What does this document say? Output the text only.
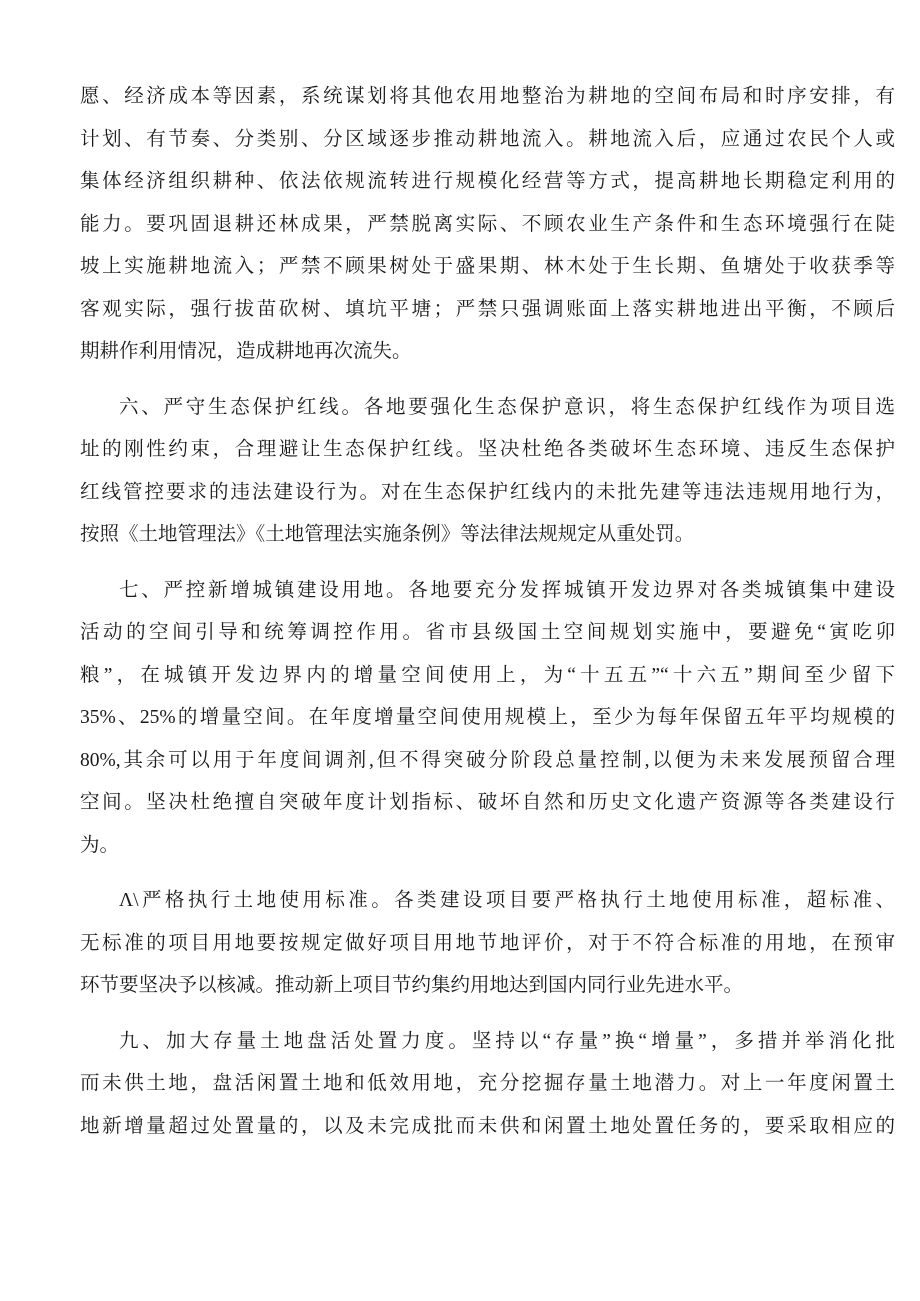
愿、经济成本等因素，系统谋划将其他农用地整治为耕地的空间布局和时序安排，有
计划、有节奏、分类别、分区域逐步推动耕地流入。耕地流入后，应通过农民个人或
集体经济组织耕种、依法依规流转进行规模化经营等方式，提高耕地长期稳定利用的
能力。要巩固退耕还林成果，严禁脱离实际、不顾农业生产条件和生态环境强行在陡
坡上实施耕地流入；严禁不顾果树处于盛果期、林木处于生长期、鱼塘处于收获季等
客观实际，强行拔苗砍树、填坑平塘；严禁只强调账面上落实耕地进出平衡，不顾后
期耕作利用情况，造成耕地再次流失。
六、严守生态保护红线。各地要强化生态保护意识，将生态保护红线作为项目选
址的刚性约束，合理避让生态保护红线。坚决杜绝各类破坏生态环境、违反生态保护
红线管控要求的违法建设行为。对在生态保护红线内的未批先建等违法违规用地行为，
按照《土地管理法》《土地管理法实施条例》等法律法规规定从重处罚。
七、严控新增城镇建设用地。各地要充分发挥城镇开发边界对各类城镇集中建设
活动的空间引导和统筹调控作用。省市县级国土空间规划实施中，要避免“寅吃卯
粮”，在城镇开发边界内的增量空间使用上，为“十五五”“十六五”期间至少留下
35%、25%的增量空间。在年度增量空间使用规模上，至少为每年保留五年平均规模的
80%,其余可以用于年度间调剂,但不得突破分阶段总量控制,以便为未来发展预留合理
空间。坚决杜绝擅自突破年度计划指标、破坏自然和历史文化遗产资源等各类建设行
为。
Λ\严格执行土地使用标准。各类建设项目要严格执行土地使用标准，超标准、
无标准的项目用地要按规定做好项目用地节地评价，对于不符合标准的用地，在预审
环节要坚决予以核减。推动新上项目节约集约用地达到国内同行业先进水平。
九、加大存量土地盘活处置力度。坚持以“存量”换“增量”，多措并举消化批
而未供土地，盘活闲置土地和低效用地，充分挖掘存量土地潜力。对上一年度闲置土
地新增量超过处置量的，以及未完成批而未供和闲置土地处置任务的，要采取相应的
